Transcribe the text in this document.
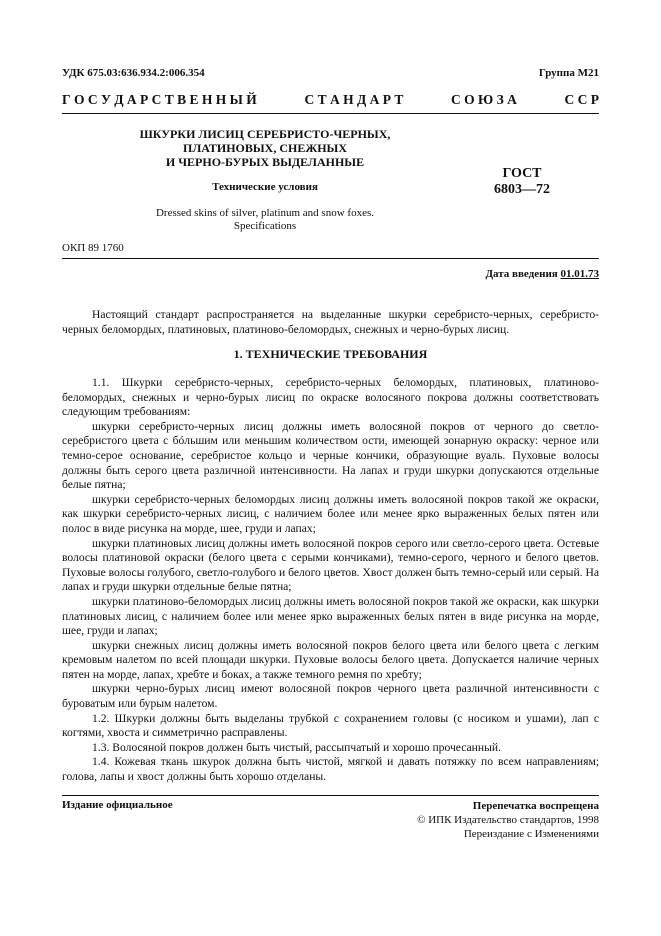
УДК 675.03:636.934.2:006.354	Группа М21
Г О С У Д А Р С Т В Е Н Н Ы Й	С Т А Н Д А Р Т	С О Ю З А	С С Р
ШКУРКИ ЛИСИЦ СЕРЕБРИСТО-ЧЕРНЫХ,
ПЛАТИНОВЫХ, СНЕЖНЫХ
И ЧЕРНО-БУРЫХ ВЫДЕЛАННЫЕ
ГОСТ
6803—72
Технические условия
Dressed skins of silver, platinum and snow foxes.
Specifications
ОКП 89 1760
Дата введения 01.01.73

Настоящий стандарт распространяется на выделанные шкурки серебристо-черных, серебристо-черных беломордых, платиновых, платиново-беломордых, снежных и черно-бурых лисиц.

1. ТЕХНИЧЕСКИЕ ТРЕБОВАНИЯ

1.1. Шкурки серебристо-черных, серебристо-черных беломордых, платиновых, платиново-беломордых, снежных и черно-бурых лисиц по окраске волосяного покрова должны соответствовать следующим требованиям:

шкурки серебристо-черных лисиц должны иметь волосяной покров от черного до светло-серебристого цвета с бóльшим или меньшим количеством ости, имеющей зонарную окраску: черное или темно-серое основание, серебристое кольцо и черные кончики, образующие вуаль. Пуховые волосы должны быть серого цвета различной интенсивности. На лапах и груди шкурки допускаются отдельные белые пятна;

шкурки серебристо-черных беломордых лисиц должны иметь волосяной покров такой же окраски, как шкурки серебристо-черных лисиц, с наличием более или менее ярко выраженных белых пятен или полос в виде рисунка на морде, шее, груди и лапах;

шкурки платиновых лисиц должны иметь волосяной покров серого или светло-серого цвета. Остевые волосы платиновой окраски (белого цвета с серыми кончиками), темно-серого, черного и белого цветов. Пуховые волосы голубого, светло-голубого и белого цветов. Хвост должен быть темно-серый или серый. На лапах и груди шкурки отдельные белые пятна;

шкурки платиново-беломордых лисиц должны иметь волосяной покров такой же окраски, как шкурки платиновых лисиц, с наличием более или менее ярко выраженных белых пятен в виде рисунка на морде, шее, груди и лапах;

шкурки снежных лисиц должны иметь волосяной покров белого цвета или белого цвета с легким кремовым налетом по всей площади шкурки. Пуховые волосы белого цвета. Допускается наличие черных пятен на морде, лапах, хребте и боках, а также темного ремня по хребту;

шкурки черно-бурых лисиц имеют волосяной покров черного цвета различной интенсивности с буроватым или бурым налетом.

1.2. Шкурки должны быть выделаны трубкой с сохранением головы (с носиком и ушами), лап с когтями, хвоста и симметрично расправлены.

1.3. Волосяной покров должен быть чистый, рассыпчатый и хорошо прочесанный.

1.4. Кожевая ткань шкурок должна быть чистой, мягкой и давать потяжку по всем направлениям; голова, лапы и хвост должны быть хорошо отделаны.

Издание официальное	Перепечатка воспрещена
© ИПК Издательство стандартов, 1998
Переиздание с Изменениями
